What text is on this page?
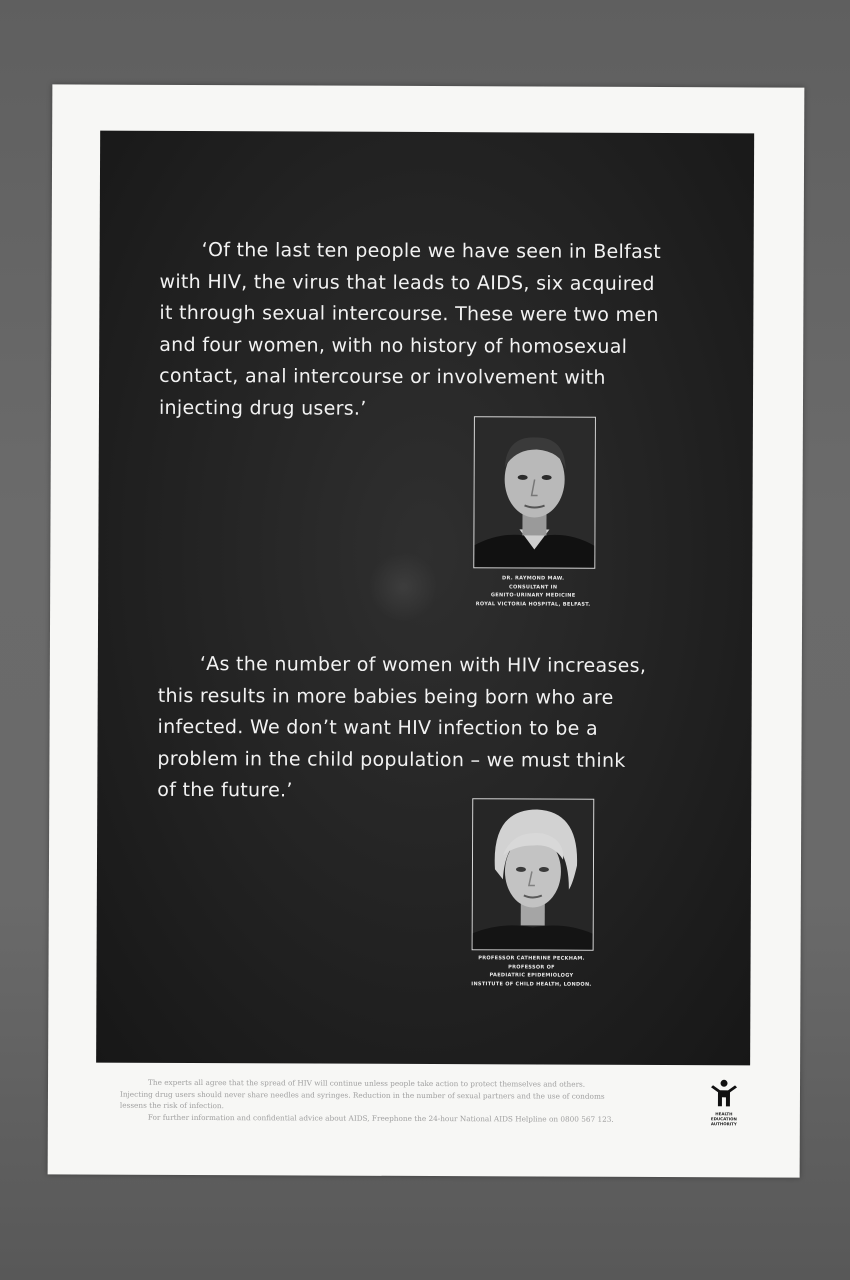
‘Of the last ten people we have seen in Belfast
with HIV, the virus that leads to AIDS, six acquired
it through sexual intercourse. These were two men
and four women, with no history of homosexual
contact, anal intercourse or involvement with
injecting drug users.’

DR. RAYMOND MAW.
CONSULTANT IN
GENITO-URINARY MEDICINE
ROYAL VICTORIA HOSPITAL, BELFAST.

‘As the number of women with HIV increases,
this results in more babies being born who are
infected. We don’t want HIV infection to be a
problem in the child population – we must think
of the future.’

PROFESSOR CATHERINE PECKHAM.
PROFESSOR OF
PAEDIATRIC EPIDEMIOLOGY
INSTITUTE OF CHILD HEALTH, LONDON.

The experts all agree that the spread of HIV will continue unless people take action to protect themselves and others.

Injecting drug users should never share needles and syringes. Reduction in the number of sexual partners and the use of condoms

lessens the risk of infection.

For further information and confidential advice about AIDS, Freephone the 24-hour National AIDS Helpline on 0800 567 123.	HEALTH
EDUCATION
AUTHORITY
